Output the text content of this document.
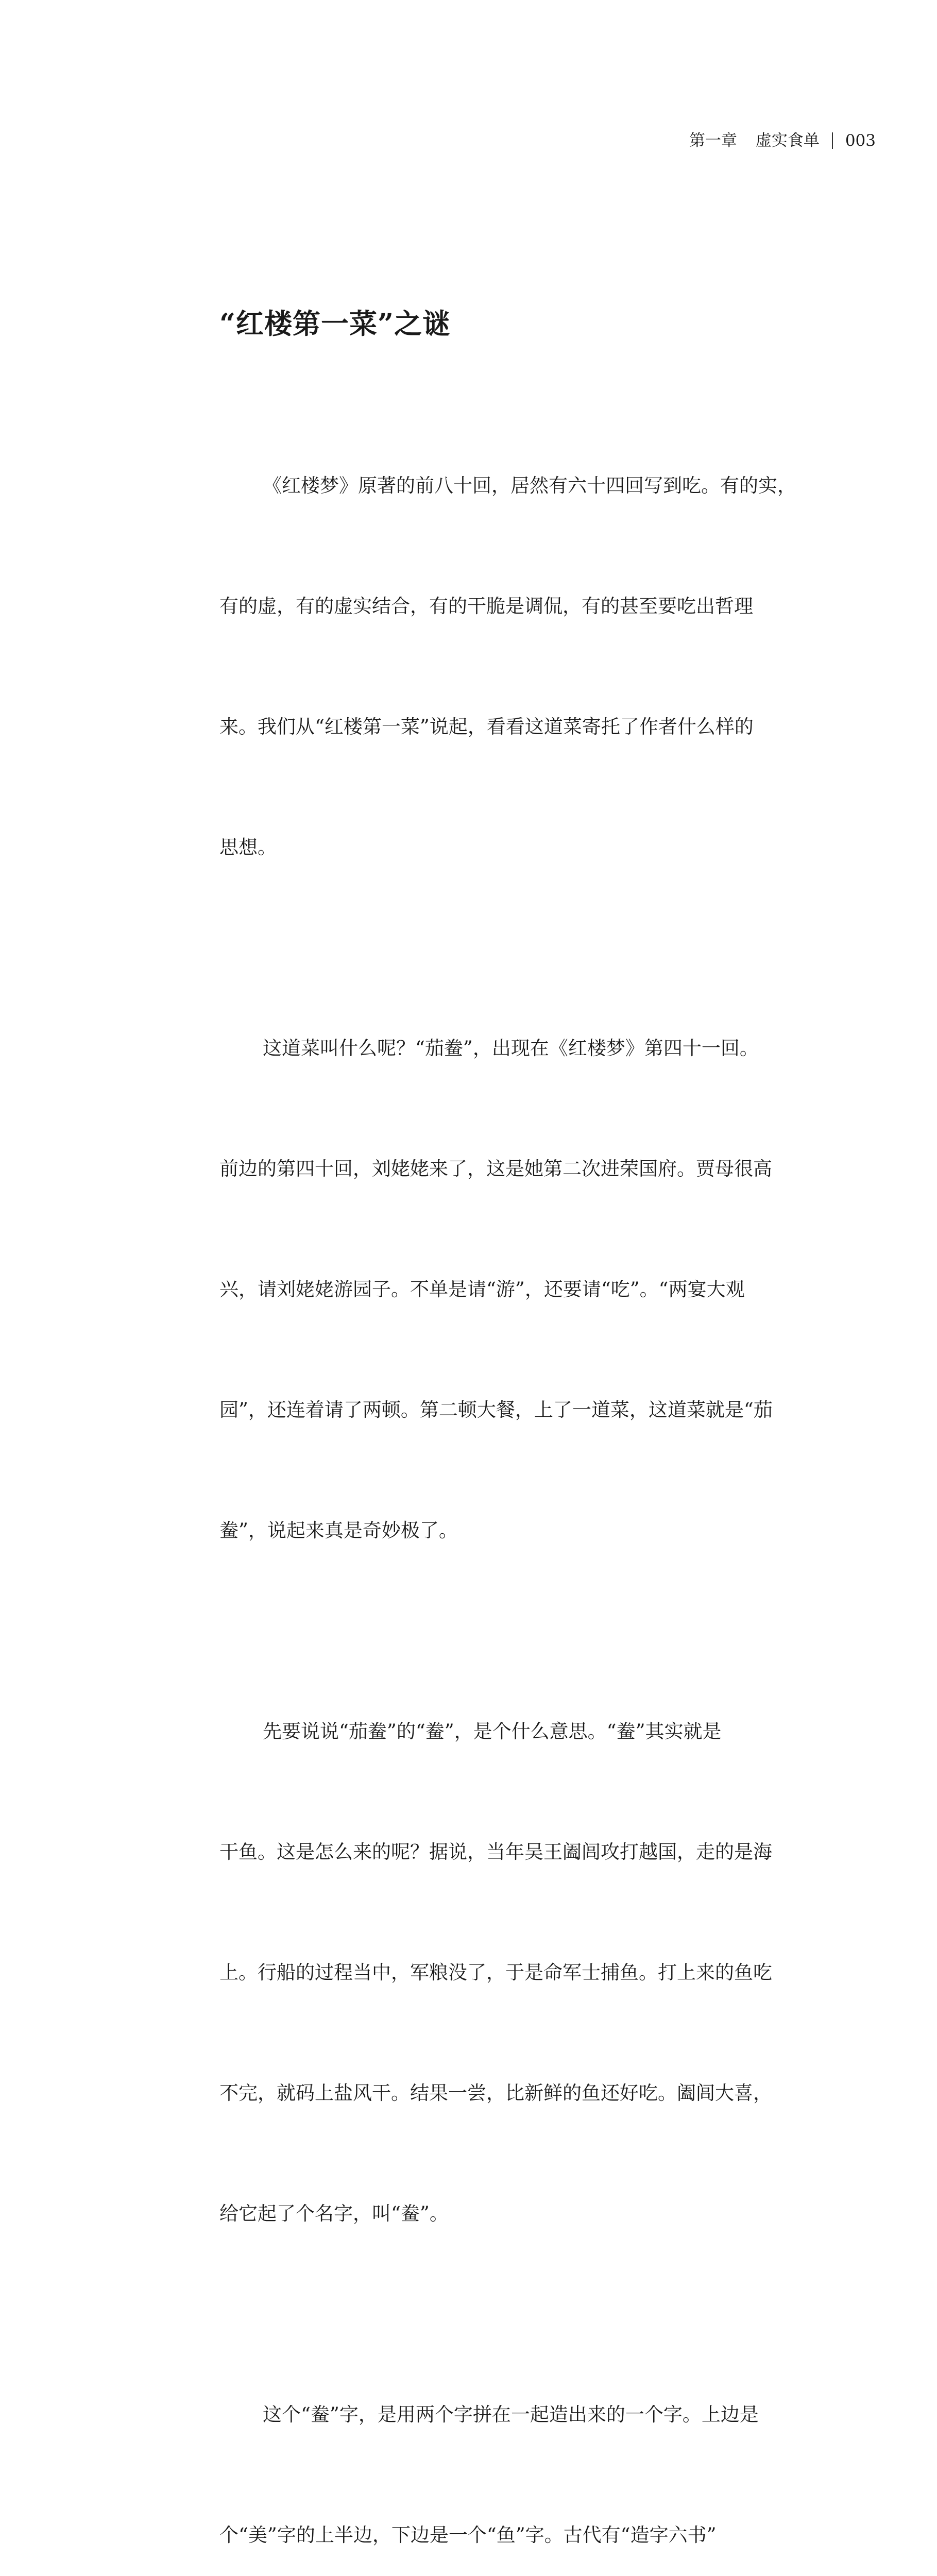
第一章 虚实食单 003
“红楼第一菜”之谜

《红楼梦》原著的前八十回，居然有六十四回写到吃。有的实，

有的虚，有的虚实结合，有的干脆是调侃，有的甚至要吃出哲理

来。我们从“红楼第一菜”说起，看看这道菜寄托了作者什么样的

思想。

这道菜叫什么呢？“茄鲞”，出现在《红楼梦》第四十一回。

前边的第四十回，刘姥姥来了，这是她第二次进荣国府。贾母很高

兴，请刘姥姥游园子。不单是请“游”，还要请“吃”。“两宴大观

园”，还连着请了两顿。第二顿大餐，上了一道菜，这道菜就是“茄

鲞”，说起来真是奇妙极了。

先要说说“茄鲞”的“鲞”，是个什么意思。“鲞”其实就是

干鱼。这是怎么来的呢？据说，当年吴王阖闾攻打越国，走的是海

上。行船的过程当中，军粮没了，于是命军士捕鱼。打上来的鱼吃

不完，就码上盐风干。结果一尝，比新鲜的鱼还好吃。阖闾大喜，

给它起了个名字，叫“鲞”。

这个“鲞”字，是用两个字拼在一起造出来的一个字。上边是

个“美”字的上半边，下边是一个“鱼”字。古代有“造字六书”
